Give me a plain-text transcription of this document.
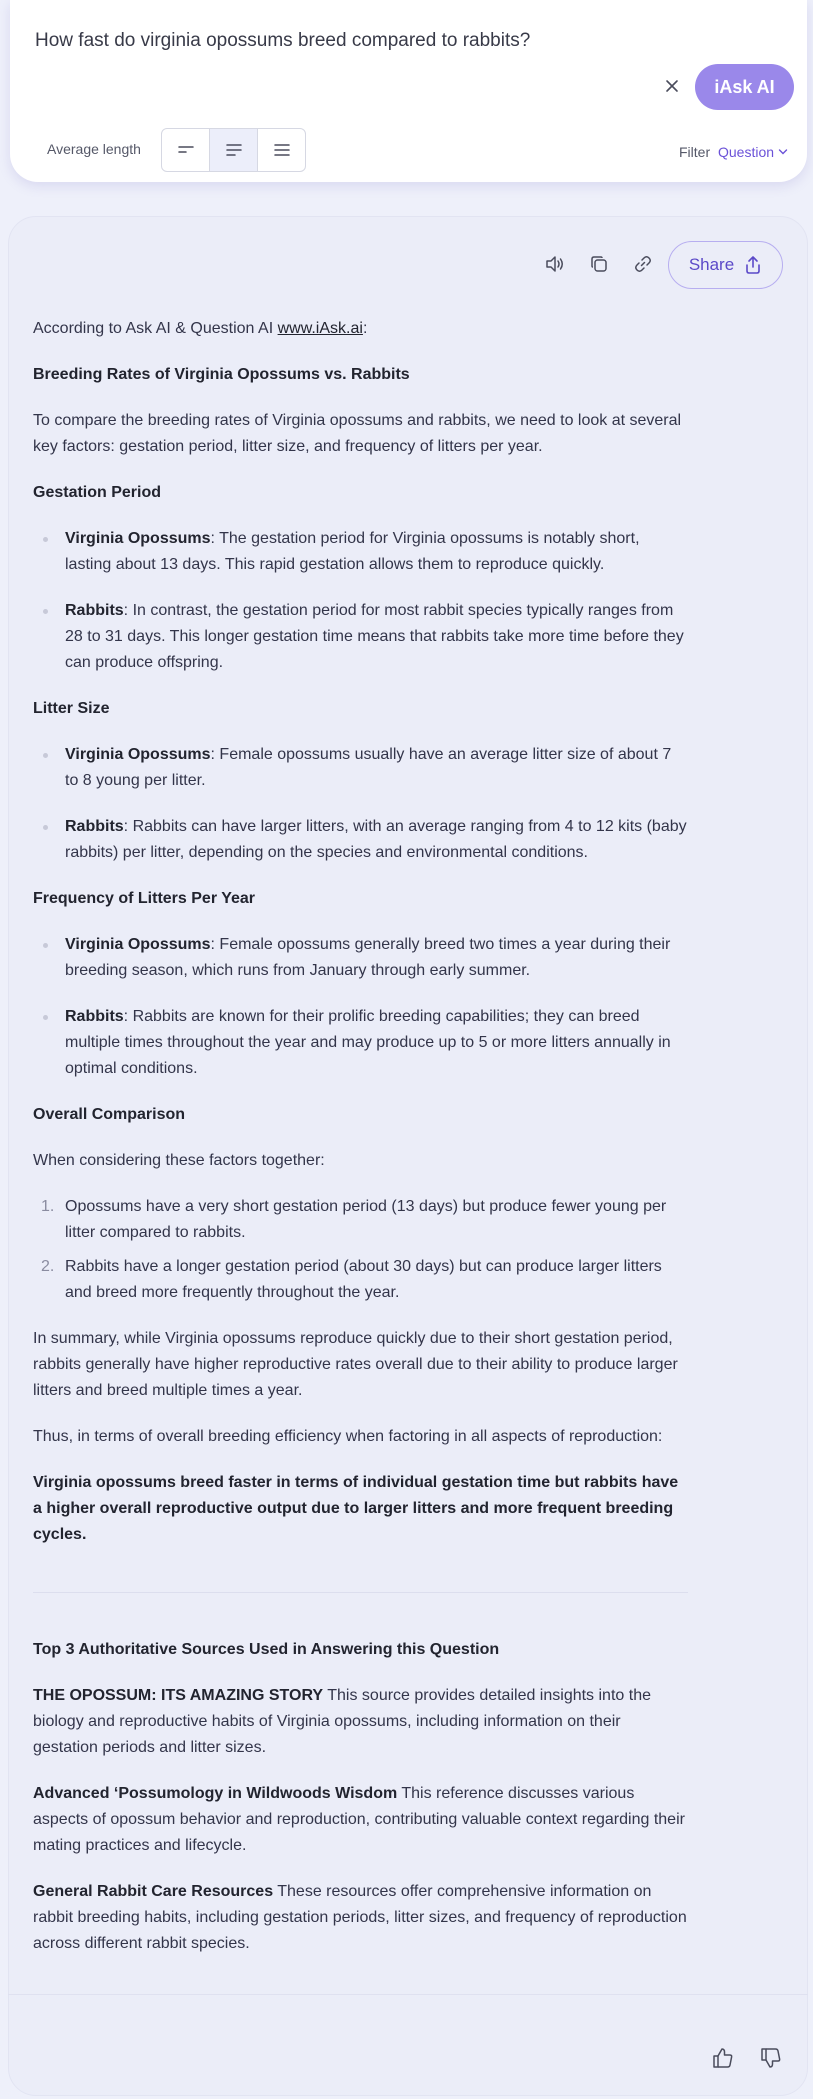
How fast do virginia opossums breed compared to rabbits?
iAsk AI
Average length	Filter Question
Share

According to Ask AI & Question AI www.iAsk.ai:

Breeding Rates of Virginia Opossums vs. Rabbits

To compare the breeding rates of Virginia opossums and rabbits, we need to look at several key factors: gestation period, litter size, and frequency of litters per year.

Gestation Period
Virginia Opossums: The gestation period for Virginia opossums is notably short, lasting about 13 days. This rapid gestation allows them to reproduce quickly.
Rabbits: In contrast, the gestation period for most rabbit species typically ranges from 28 to 31 days. This longer gestation time means that rabbits take more time before they can produce offspring.
Litter Size
Virginia Opossums: Female opossums usually have an average litter size of about 7 to 8 young per litter.
Rabbits: Rabbits can have larger litters, with an average ranging from 4 to 12 kits (baby rabbits) per litter, depending on the species and environmental conditions.
Frequency of Litters Per Year
Virginia Opossums: Female opossums generally breed two times a year during their breeding season, which runs from January through early summer.
Rabbits: Rabbits are known for their prolific breeding capabilities; they can breed multiple times throughout the year and may produce up to 5 or more litters annually in optimal conditions.
Overall Comparison

When considering these factors together:

1. Opossums have a very short gestation period (13 days) but produce fewer young per litter compared to rabbits.
2. Rabbits have a longer gestation period (about 30 days) but can produce larger litters and breed more frequently throughout the year.

In summary, while Virginia opossums reproduce quickly due to their short gestation period, rabbits generally have higher reproductive rates overall due to their ability to produce larger litters and breed multiple times a year.

Thus, in terms of overall breeding efficiency when factoring in all aspects of reproduction:

Virginia opossums breed faster in terms of individual gestation time but rabbits have a higher overall reproductive output due to larger litters and more frequent breeding cycles.

Top 3 Authoritative Sources Used in Answering this Question

THE OPOSSUM: ITS AMAZING STORY This source provides detailed insights into the biology and reproductive habits of Virginia opossums, including information on their gestation periods and litter sizes.

Advanced ‘Possumology in Wildwoods Wisdom This reference discusses various aspects of opossum behavior and reproduction, contributing valuable context regarding their mating practices and lifecycle.

General Rabbit Care Resources These resources offer comprehensive information on rabbit breeding habits, including gestation periods, litter sizes, and frequency of reproduction across different rabbit species.
